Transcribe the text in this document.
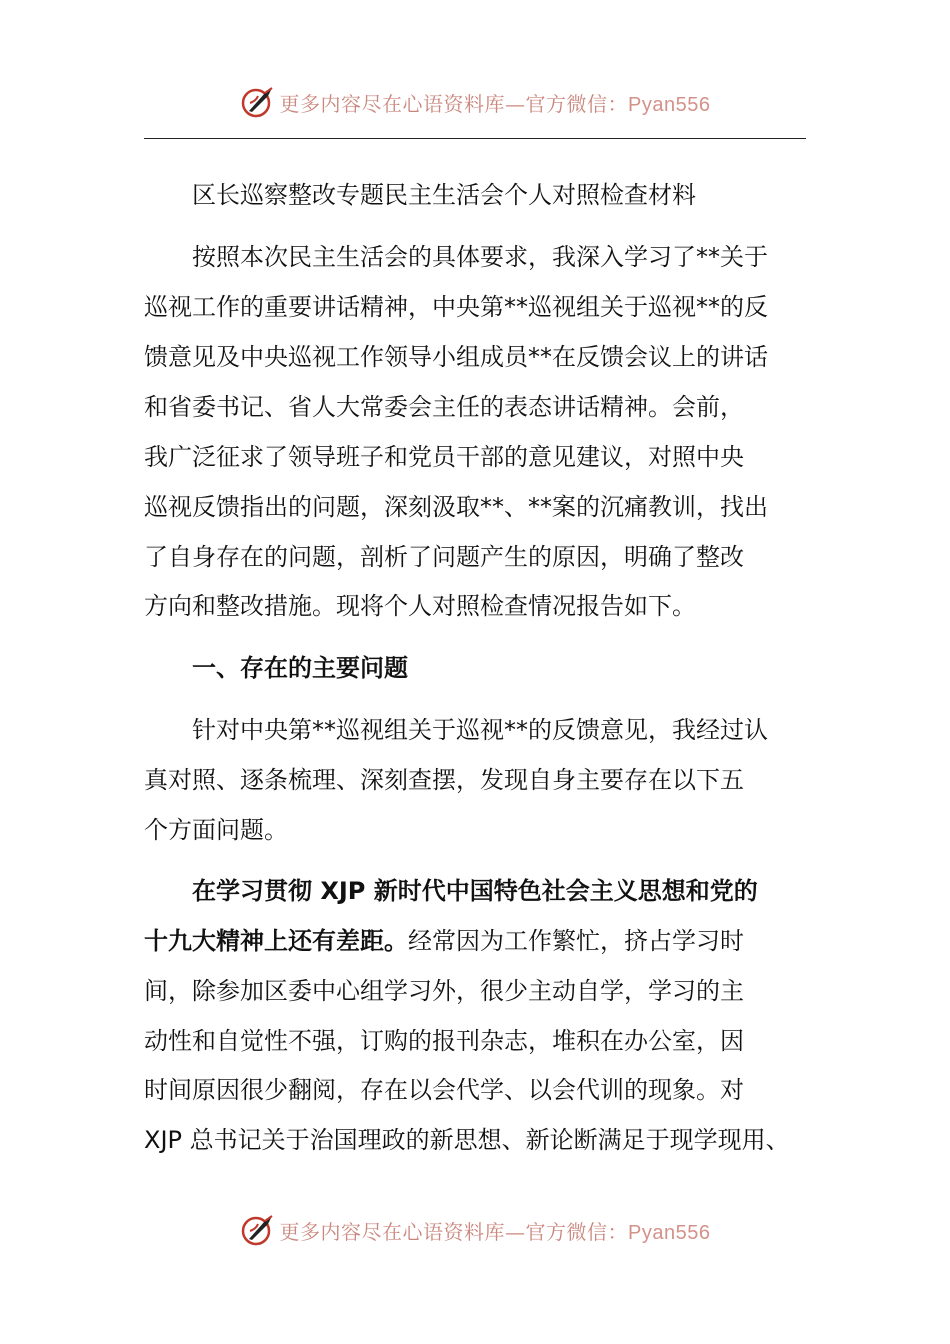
更多内容尽在心语资料库—官方微信：Pyan556
区长巡察整改专题民主生活会个人对照检查材料
按照本次民主生活会的具体要求，我深入学习了**关于
巡视工作的重要讲话精神，中央第**巡视组关于巡视**的反
馈意见及中央巡视工作领导小组成员**在反馈会议上的讲话
和省委书记、省人大常委会主任的表态讲话精神。会前，
我广泛征求了领导班子和党员干部的意见建议，对照中央
巡视反馈指出的问题，深刻汲取**、**案的沉痛教训，找出
了自身存在的问题，剖析了问题产生的原因，明确了整改
方向和整改措施。现将个人对照检查情况报告如下。
一、存在的主要问题
针对中央第**巡视组关于巡视**的反馈意见，我经过认
真对照、逐条梳理、深刻查摆，发现自身主要存在以下五
个方面问题。
在学习贯彻 XJP 新时代中国特色社会主义思想和党的
十九大精神上还有差距。经常因为工作繁忙，挤占学习时
间，除参加区委中心组学习外，很少主动自学，学习的主
动性和自觉性不强，订购的报刊杂志，堆积在办公室，因
时间原因很少翻阅，存在以会代学、以会代训的现象。对
XJP 总书记关于治国理政的新思想、新论断满足于现学现用、
更多内容尽在心语资料库—官方微信：Pyan556
